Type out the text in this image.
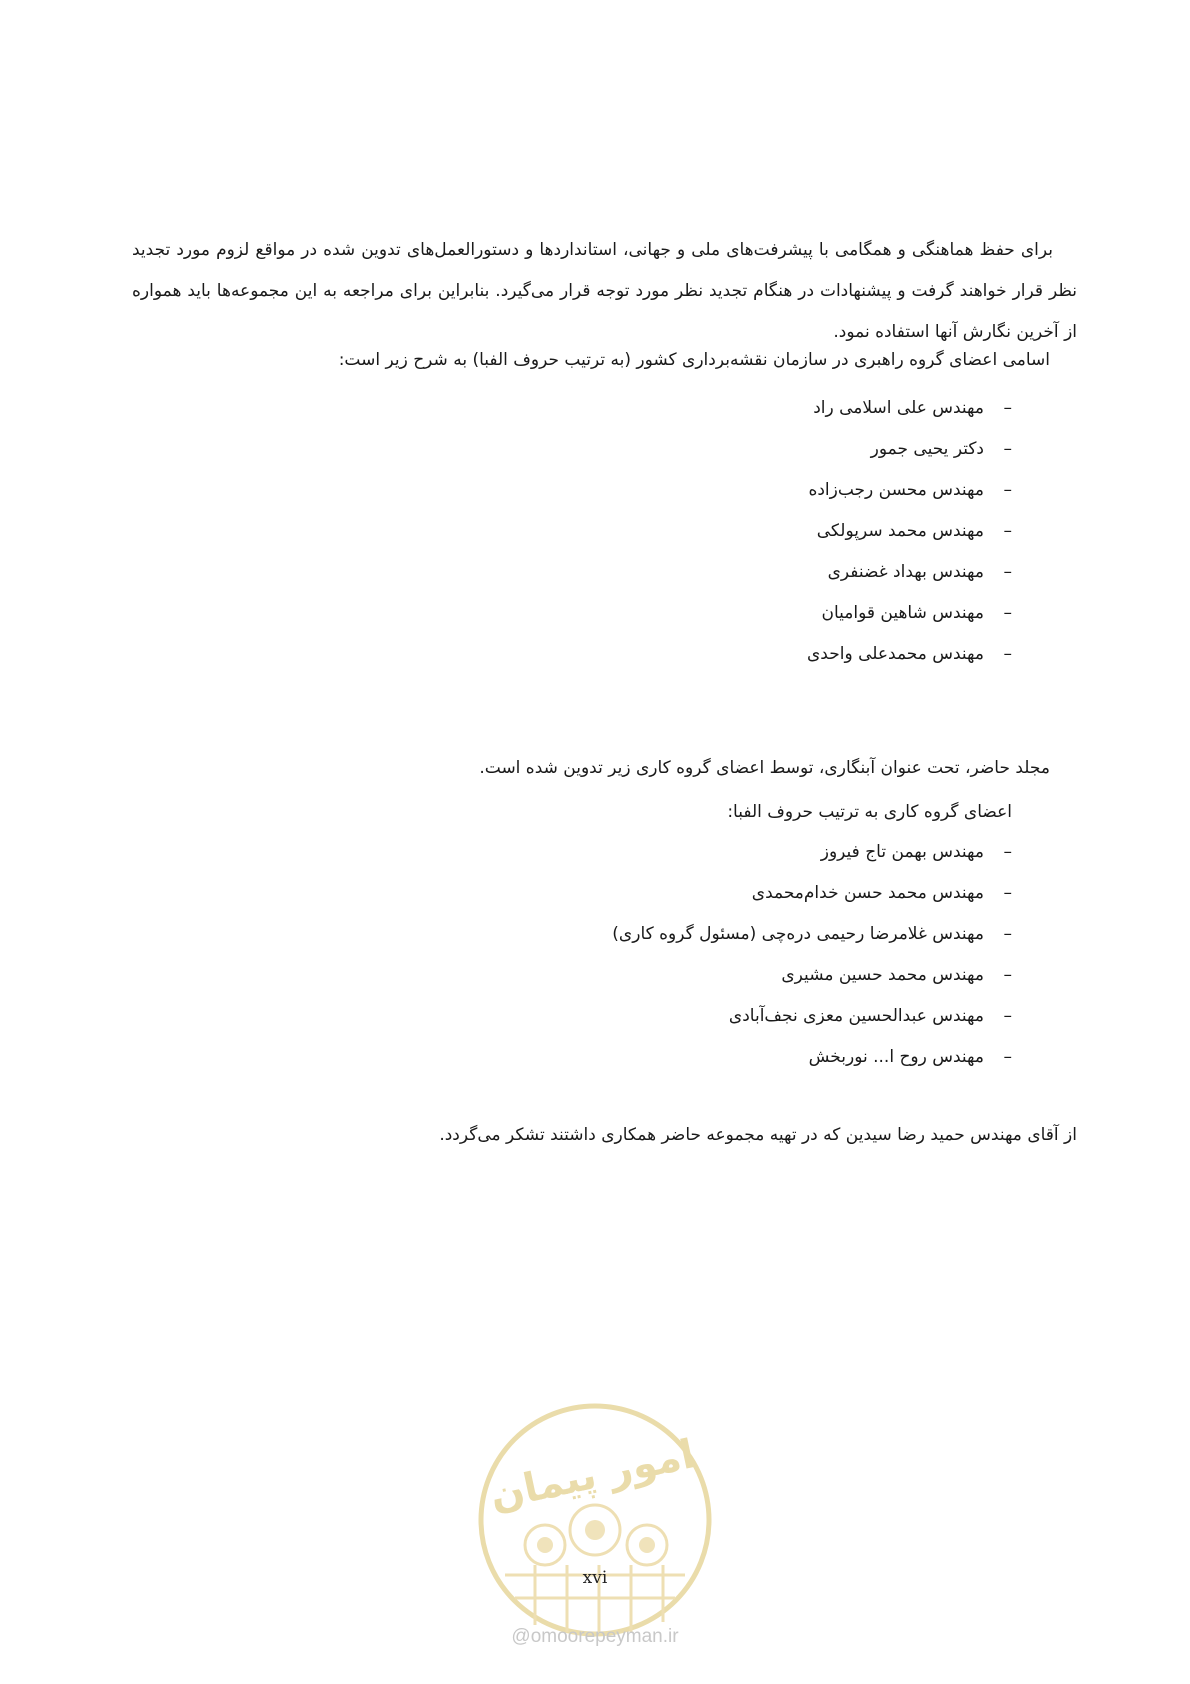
برای حفظ هماهنگی و همگامی با پیشرفت‌های ملی و جهانی، استانداردها و دستورالعمل‌های تدوین شده در مواقع لزوم مورد تجدید نظر قرار خواهند گرفت و پیشنهادات در هنگام تجدید نظر مورد توجه قرار می‌گیرد. بنابراین برای مراجعه به این مجموعه‌ها باید همواره از آخرین نگارش آنها استفاده نمود.

اسامی اعضای گروه راهبری در سازمان نقشه‌برداری کشور (به ترتیب حروف الفبا) به شرح زیر است:
–مهندس علی اسلامی راد
–دکتر یحیی جمور
–مهندس محسن رجب‌زاده
–مهندس محمد سرپولکی
–مهندس بهداد غضنفری
–مهندس شاهین قوامیان
–مهندس محمدعلی واحدی
مجلد حاضر، تحت عنوان آبنگاری، توسط اعضای گروه کاری زیر تدوین شده است.
اعضای گروه کاری به ترتیب حروف الفبا:
–مهندس بهمن تاج فیروز
–مهندس محمد حسن خدام‌محمدی
–مهندس غلامرضا رحیمی دره‌چی (مسئول گروه کاری)
–مهندس محمد حسین مشیری
–مهندس عبدالحسین معزی نجف‌آبادی
–مهندس روح ا... نوربخش
از آقای مهندس حمید رضا سیدین که در تهیه مجموعه حاضر همکاری داشتند تشکر می‌گردد.
امور پیمان
xvi
@omoorepeyman.ir
